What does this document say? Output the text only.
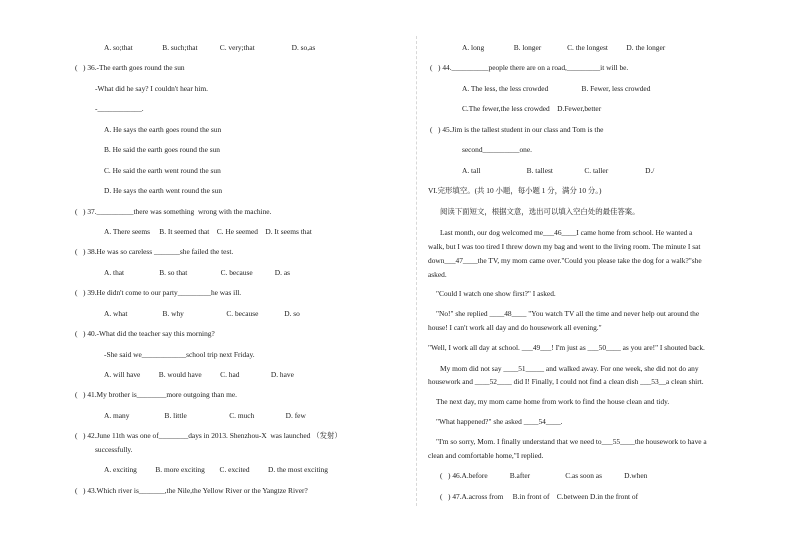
A. so;that                B. such;that            C. very;that                    D. so,as
(   ) 36.-The earth goes round the sun
-What did he say? I couldn't hear him.
-____________.
A. He says the earth goes round the sun
B. He said the earth goes round the sun
C. He said the earth went round the sun
D. He says the earth went round the sun
(   ) 37.__________there was something  wrong with the machine.
A. There seems     B. It seemed that    C. He seemed    D. It seems that
(   ) 38.He was so careless _______she failed the test.
A. that                   B. so that                  C. because            D. as
(   ) 39.He didn't come to our party_________he was ill.
A. what                   B. why                       C. because              D. so
(   ) 40.-What did the teacher say this morning?
-She said we____________school trip next Friday.
A. will have          B. would have          C. had                 D. have
(   ) 41.My brother is________more outgoing than me.
A. many                   B. little                       C. much                 D. few
(   ) 42.June 11th was one of________days in 2013. Shenzhou-X  was launched （发射）
successfully.
A. exciting          B. more exciting        C. excited          D. the most exciting
(   ) 43.Which river is_______,the Nile,the Yellow River or the Yangtze River?
A. long                B. longer              C. the longest          D. the longer
(   ) 44.__________people there are on a road,_________it will be.
A. The less, the less crowded                  B. Fewer, less crowded
C.The fewer,the less crowded    D.Fewer,better
(   ) 45.Jim is the tallest student in our class and Tom is the
second__________one.
A. tall                         B. tallest                 C. taller                    D./
VI.完形填空。(共 10 小题，每小题 1 分，满分 10 分。)
阅读下面短文，根据文意，选出可以填入空白处的最佳答案。
Last month, our dog welcomed me___46____I came home from school. He wanted a
walk, but I was too tired I threw down my bag and went to the living room. The minute I sat
down___47____the TV, my mom came over."Could you please take the dog for a walk?"she
asked.
"Could I watch one show first?" I asked.
"No!" she replied ____48____ "You watch TV all the time and never help out around the
house! I can't work all day and do housework all evening."
"Well, I work all day at school. ___49___! I'm just as ___50____ as you are!" I shouted back.
My mom did not say ____51_____ and walked away. For one week, she did not do any
housework and ____52____ did I! Finally, I could not find a clean dish ___53__a clean shirt.
The next day, my mom came home from work to find the house clean and tidy.
"What happened?" she asked ____54____.
"I'm so sorry, Mom. I finally understand that we need to___55____the housework to have a
clean and comfortable home,"I replied.
(   ) 46.A.before            B.after                   C.as soon as            D.when
(   ) 47.A.across from     B.in front of    C.between D.in the front of
